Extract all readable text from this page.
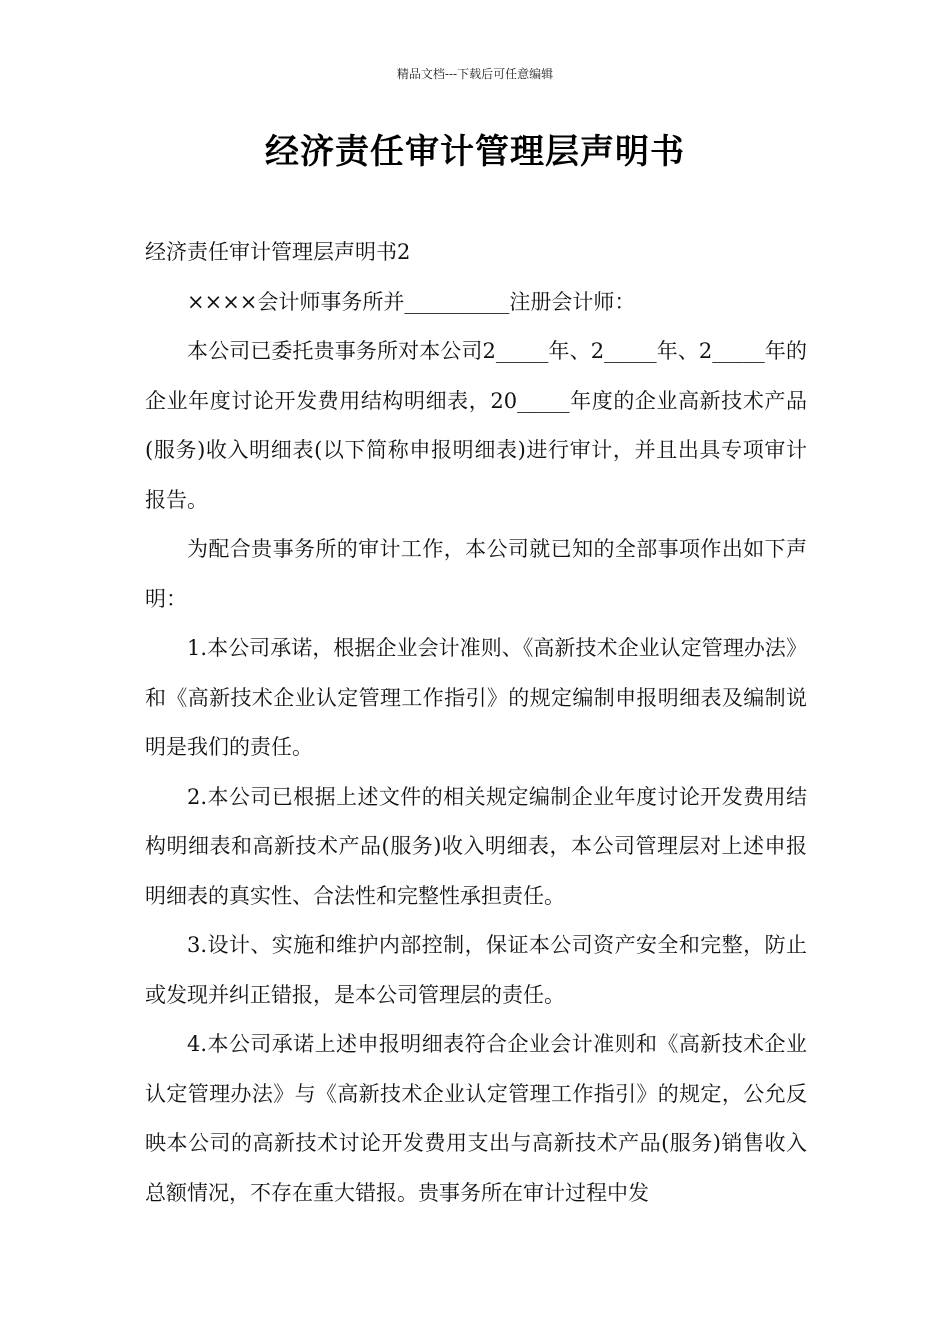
精品文档---下载后可任意编辑
经济责任审计管理层声明书

经济责任审计管理层声明书2

××××会计师事务所并__________注册会计师：

本公司已委托贵事务所对本公司2_____年、2_____年、2_____年的企业年度讨论开发费用结构明细表，20_____年度的企业高新技术产品(服务)收入明细表(以下简称申报明细表)进行审计，并且出具专项审计报告。

为配合贵事务所的审计工作，本公司就已知的全部事项作出如下声明：

1.本公司承诺，根据企业会计准则、《高新技术企业认定管理办法》和《高新技术企业认定管理工作指引》的规定编制申报明细表及编制说明是我们的责任。

2.本公司已根据上述文件的相关规定编制企业年度讨论开发费用结构明细表和高新技术产品(服务)收入明细表，本公司管理层对上述申报明细表的真实性、合法性和完整性承担责任。

3.设计、实施和维护内部控制，保证本公司资产安全和完整，防止或发现并纠正错报，是本公司管理层的责任。

4.本公司承诺上述申报明细表符合企业会计准则和《高新技术企业认定管理办法》与《高新技术企业认定管理工作指引》的规定，公允反映本公司的高新技术讨论开发费用支出与高新技术产品(服务)销售收入总额情况，不存在重大错报。贵事务所在审计过程中发
